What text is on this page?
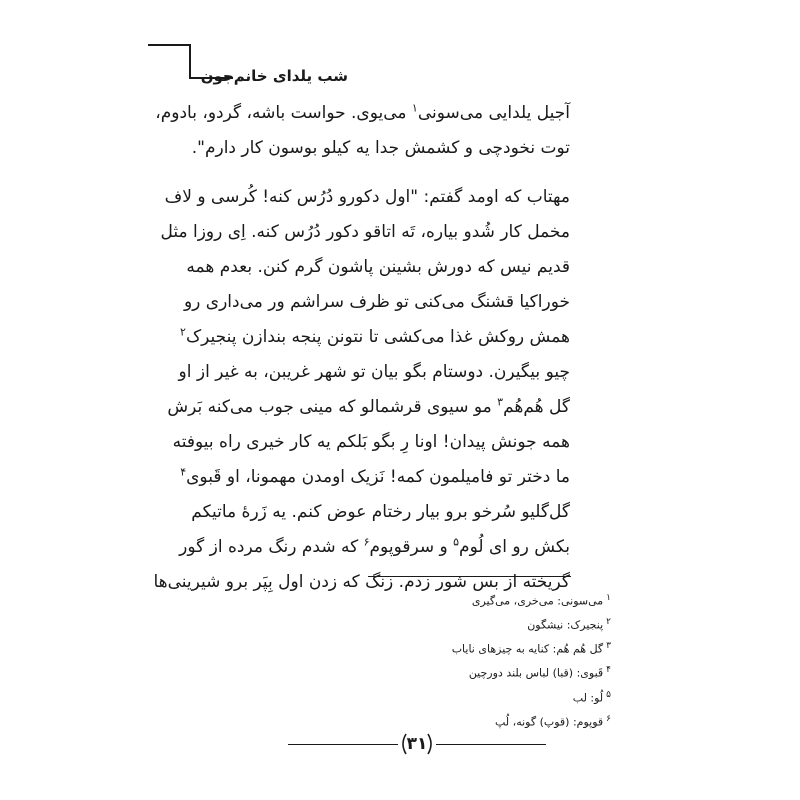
شب یلدای خانم‌جون

آجیل یلدایی می‌سونی$^۱$ می‌یوی. حواست باشه، گردو، بادوم،
توت نخودچی و کشمش جدا یه کیلو بوسون کار دارم".

مهتاب که اومد گفتم: "اول دکورو دُرُس کنه! کُرسی و لاف
مخمل کار شُدو بیاره، تَه اتاقو دکور دُرُس کنه. اِی روزا مثل
قدیم نیس که دورش بشینن پاشون گرم کنن. بعدم همه
خوراکیا قشنگ می‌کنی تو ظرف سراشم ور می‌داری رو
همش روکش غذا می‌کشی تا نتونن پنجه بندازن پنجیرک$^۲$
چیو بیگیرن. دوستام بگو بیان تو شهر غریبن، به غیر از او
گل هُم‌هُم$^۳$ مو سیوی قرشمالو که مینی جوب می‌کنه بَرش
همه جونش پیدان! اونا رِ بگو بَلکم یه کار خیری راه بیوفته
ما دختر تو فامیلمون کمه! نَزیک اومدن مهمونا، او قَبوی$^۴$
گل‌گلیو سُرخو برو بیار رختام عوض کنم. یه زَرهٔ ماتیکم
بکش رو ای لُوم$^۵$ و سرقوپوم$^۶$ که شدم رنگ مرده از گور
گریخته از بس شور زدم. زنگ که زدن اول بِپَر برو شیرینی‌ها

$^۱$می‌سونی: می‌خری، می‌گیری
$^۲$پنجیرک: نیشگون
$^۳$گل هُم هُم: کنایه به چیزهای نایاب
$^۴$قَبوی: (قبا) لباس بلند دورچین
$^۵$لُو: لب
$^۶$قوپوم: (قوپ) گونه، لُپ
۳۱
